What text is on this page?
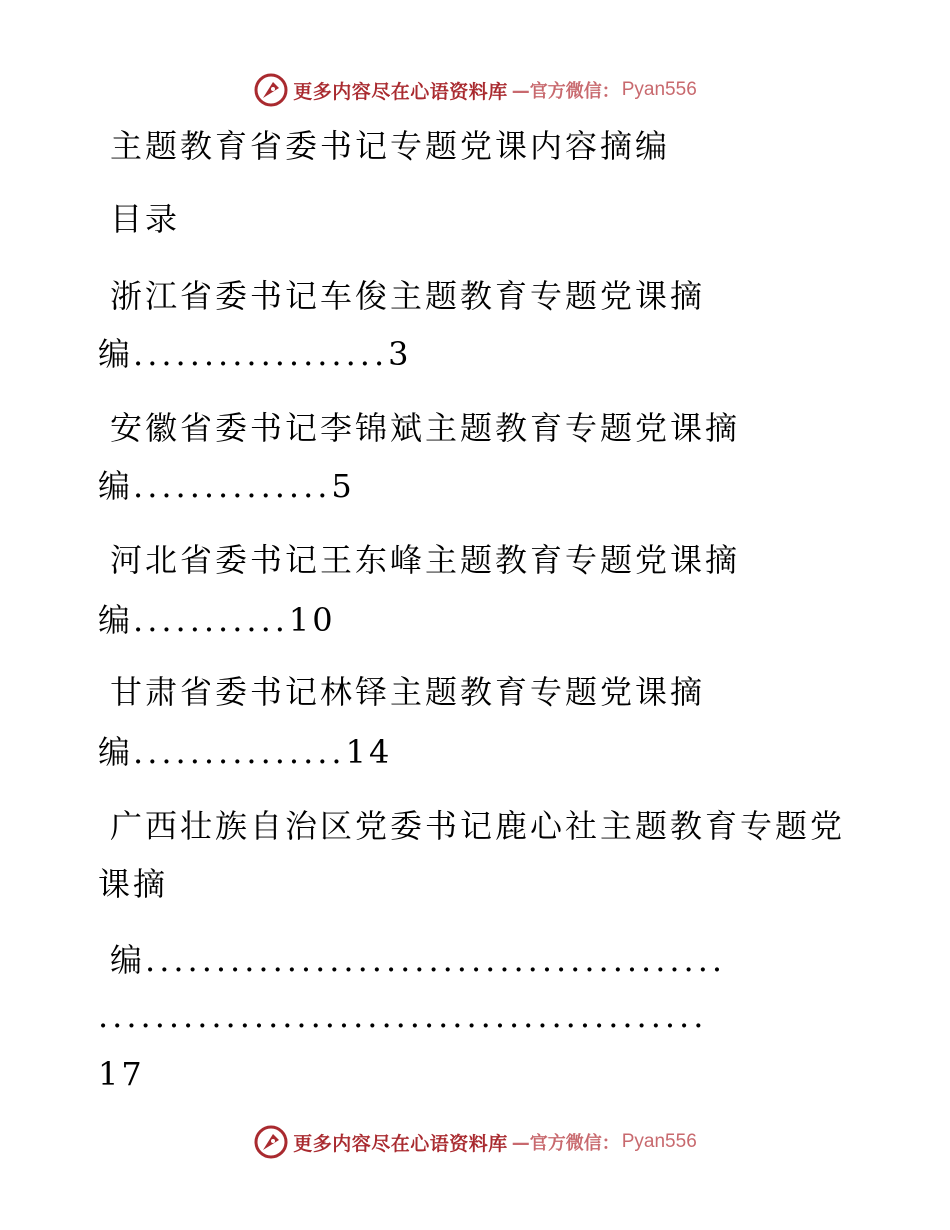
更多内容尽在心语资料库 —官方微信： Pyan556
主题教育省委书记专题党课内容摘编
目录
浙江省委书记车俊主题教育专题党课摘
编..................3
安徽省委书记李锦斌主题教育专题党课摘
编..............5
河北省委书记王东峰主题教育专题党课摘
编...........10
甘肃省委书记林铎主题教育专题党课摘
编...............14
广西壮族自治区党委书记鹿心社主题教育专题党
课摘
编.........................................
...........................................
17
更多内容尽在心语资料库 —官方微信： Pyan556
